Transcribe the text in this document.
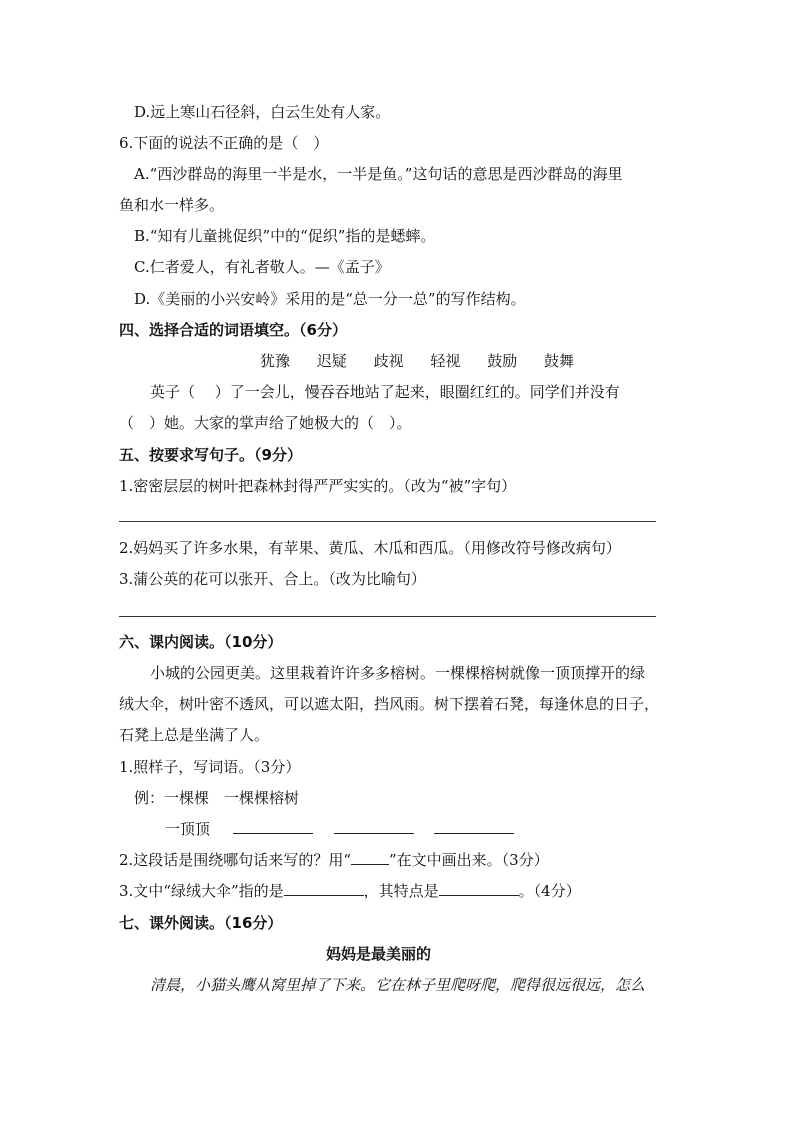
D.远上寒山石径斜，白云生处有人家。
6.下面的说法不正确的是（　）
A.“西沙群岛的海里一半是水，一半是鱼。”这句话的意思是西沙群岛的海里
鱼和水一样多。
B.“知有儿童挑促织”中的“促织”指的是蟋蟀。
C.仁者爱人，有礼者敬人。—《孟子》
D.《美丽的小兴安岭》采用的是“总一分一总”的写作结构。
四、选择合适的词语填空。（6分）
犹豫 迟疑 歧视 轻视 鼓励 鼓舞
英子（　 ）了一会儿，慢吞吞地站了起来，眼圈红红的。同学们并没有
（　）她。大家的掌声给了她极大的（　）。
五、按要求写句子。（9分）
1.密密层层的树叶把森林封得严严实实的。（改为“被”字句）
2.妈妈买了许多水果，有苹果、黄瓜、木瓜和西瓜。（用修改符号修改病句）
3.蒲公英的花可以张开、合上。（改为比喻句）
六、课内阅读。（10分）
小城的公园更美。这里栽着许许多多榕树。一棵棵榕树就像一顶顶撑开的绿
绒大伞，树叶密不透风，可以遮太阳，挡风雨。树下摆着石凳，每逢休息的日子，
石凳上总是坐满了人。
1.照样子，写词语。（3分）
例：一棵棵　一棵棵榕树
一顶顶
2.这段话是围绕哪句话来写的？用“	”在文中画出来。（3分）
3.文中“绿绒大伞”指的是	，其特点是	。（4分）
七、课外阅读。（16分）
妈妈是最美丽的
清晨，小猫头鹰从窝里掉了下来。它在林子里爬呀爬，爬得很远很远，怎么
